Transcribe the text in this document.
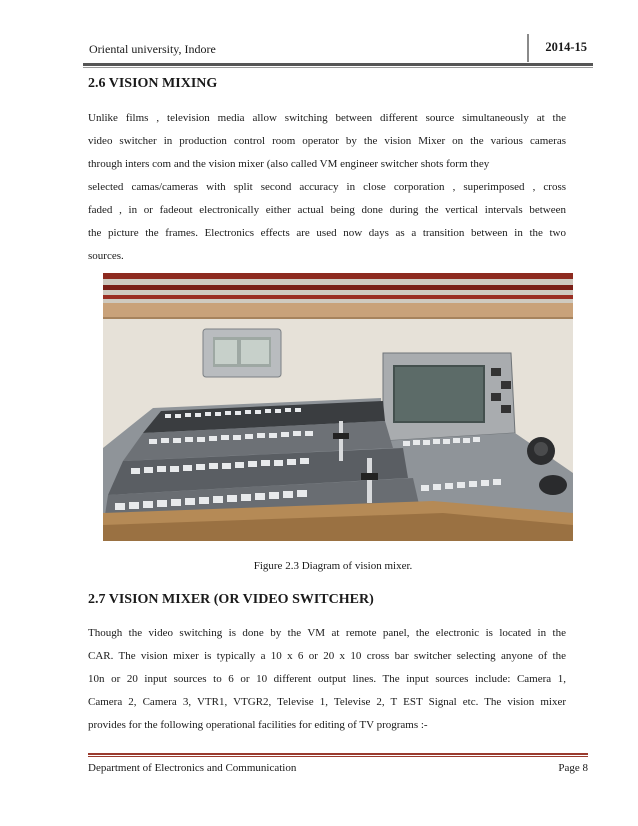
Oriental university, Indore	2014-15
2.6 VISION MIXING
Unlike films , television media allow switching between different source simultaneously at the
video switcher in production control room operator by the vision Mixer on the various cameras
through inters com and the vision mixer (also called VM engineer switcher shots form they
selected camas/cameras with split second accuracy in close corporation , superimposed , cross
faded , in or fadeout electronically either actual being done during the vertical intervals between
the picture the frames. Electronics effects are used now days as a transition between in the two
sources.
Figure 2.3 Diagram of vision mixer.
2.7 VISION MIXER (OR VIDEO SWITCHER)
Though the video switching is done by the VM at remote panel, the electronic is located in the
CAR. The vision mixer is typically a 10 x 6 or 20 x 10 cross bar switcher selecting anyone of the
10n or 20 input sources to 6 or 10 different output lines. The input sources include: Camera 1,
Camera 2, Camera 3, VTR1, VTGR2, Televise 1, Televise 2, T EST Signal etc. The vision mixer
provides for the following operational facilities for editing of TV programs :-
Department of Electronics and Communication	Page 8
